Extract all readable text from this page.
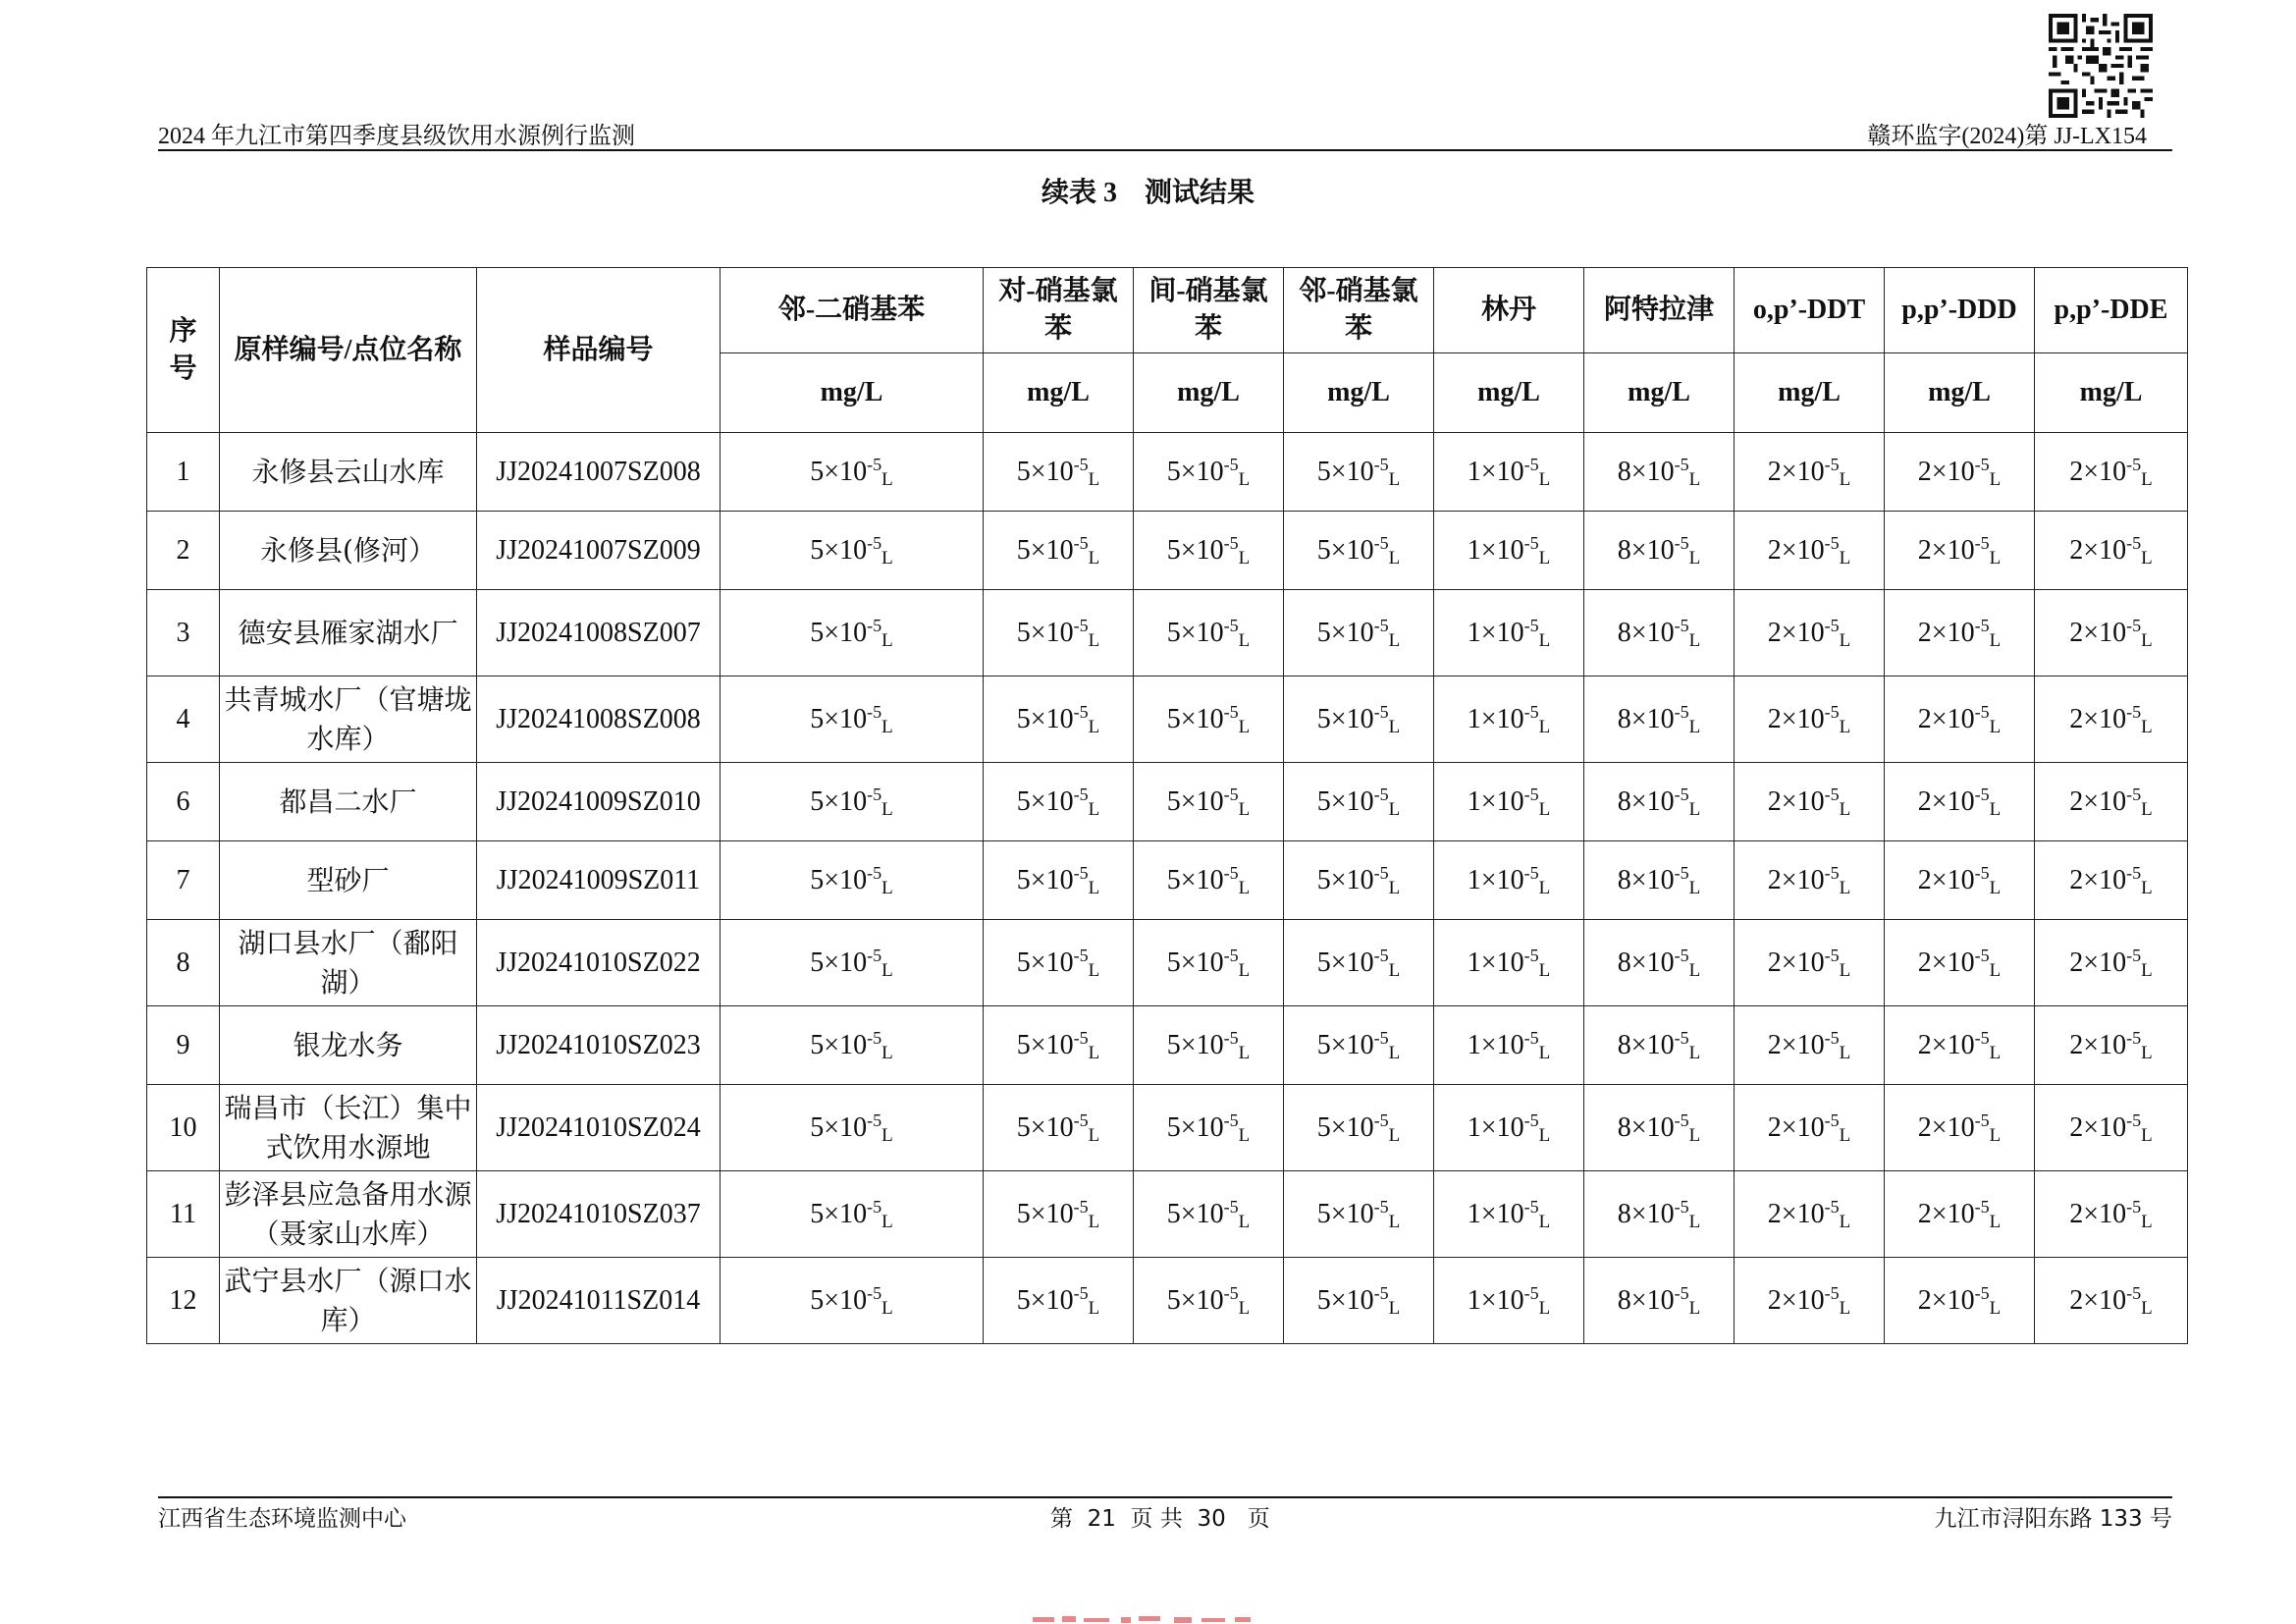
2024 年九江市第四季度县级饮用水源例行监测	赣环监字(2024)第 JJ-LX154
续表 3 测试结果
序号	原样编号/点位名称	样品编号	邻-二硝基苯	对-硝基氯苯	间-硝基氯苯	邻-硝基氯苯	林丹	阿特拉津	o,p’-DDT	p,p’-DDD	p,p’-DDE
			mg/L	mg/L	mg/L	mg/L	mg/L	mg/L	mg/L	mg/L	mg/L
1	永修县云山水库	JJ20241007SZ008	$5\times 10^{-5}L$	$5\times 10^{-5}L$	$5\times 10^{-5}L$	$5\times 10^{-5}L$	$1\times 10^{-5}L$	$8\times 10^{-5}L$	$2\times 10^{-5}L$	$2\times 10^{-5}L$	$2\times 10^{-5}L$
2	永修县(修河）	JJ20241007SZ009	$5\times 10^{-5}L$	$5\times 10^{-5}L$	$5\times 10^{-5}L$	$5\times 10^{-5}L$	$1\times 10^{-5}L$	$8\times 10^{-5}L$	$2\times 10^{-5}L$	$2\times 10^{-5}L$	$2\times 10^{-5}L$
3	德安县雁家湖水厂	JJ20241008SZ007	$5\times 10^{-5}L$	$5\times 10^{-5}L$	$5\times 10^{-5}L$	$5\times 10^{-5}L$	$1\times 10^{-5}L$	$8\times 10^{-5}L$	$2\times 10^{-5}L$	$2\times 10^{-5}L$	$2\times 10^{-5}L$
4	共青城水厂（官塘垅水库）	JJ20241008SZ008	$5\times 10^{-5}L$	$5\times 10^{-5}L$	$5\times 10^{-5}L$	$5\times 10^{-5}L$	$1\times 10^{-5}L$	$8\times 10^{-5}L$	$2\times 10^{-5}L$	$2\times 10^{-5}L$	$2\times 10^{-5}L$
6	都昌二水厂	JJ20241009SZ010	$5\times 10^{-5}L$	$5\times 10^{-5}L$	$5\times 10^{-5}L$	$5\times 10^{-5}L$	$1\times 10^{-5}L$	$8\times 10^{-5}L$	$2\times 10^{-5}L$	$2\times 10^{-5}L$	$2\times 10^{-5}L$
7	型砂厂	JJ20241009SZ011	$5\times 10^{-5}L$	$5\times 10^{-5}L$	$5\times 10^{-5}L$	$5\times 10^{-5}L$	$1\times 10^{-5}L$	$8\times 10^{-5}L$	$2\times 10^{-5}L$	$2\times 10^{-5}L$	$2\times 10^{-5}L$
8	湖口县水厂（鄱阳湖）	JJ20241010SZ022	$5\times 10^{-5}L$	$5\times 10^{-5}L$	$5\times 10^{-5}L$	$5\times 10^{-5}L$	$1\times 10^{-5}L$	$8\times 10^{-5}L$	$2\times 10^{-5}L$	$2\times 10^{-5}L$	$2\times 10^{-5}L$
9	银龙水务	JJ20241010SZ023	$5\times 10^{-5}L$	$5\times 10^{-5}L$	$5\times 10^{-5}L$	$5\times 10^{-5}L$	$1\times 10^{-5}L$	$8\times 10^{-5}L$	$2\times 10^{-5}L$	$2\times 10^{-5}L$	$2\times 10^{-5}L$
10	瑞昌市（长江）集中式饮用水源地	JJ20241010SZ024	$5\times 10^{-5}L$	$5\times 10^{-5}L$	$5\times 10^{-5}L$	$5\times 10^{-5}L$	$1\times 10^{-5}L$	$8\times 10^{-5}L$	$2\times 10^{-5}L$	$2\times 10^{-5}L$	$2\times 10^{-5}L$
11	彭泽县应急备用水源（聂家山水库）	JJ20241010SZ037	$5\times 10^{-5}L$	$5\times 10^{-5}L$	$5\times 10^{-5}L$	$5\times 10^{-5}L$	$1\times 10^{-5}L$	$8\times 10^{-5}L$	$2\times 10^{-5}L$	$2\times 10^{-5}L$	$2\times 10^{-5}L$
12	武宁县水厂（源口水库）	JJ20241011SZ014	$5\times 10^{-5}L$	$5\times 10^{-5}L$	$5\times 10^{-5}L$	$5\times 10^{-5}L$	$1\times 10^{-5}L$	$8\times 10^{-5}L$	$2\times 10^{-5}L$	$2\times 10^{-5}L$	$2\times 10^{-5}L$
江西省生态环境监测中心	第 21 页 共 30 页	九江市浔阳东路 133 号
